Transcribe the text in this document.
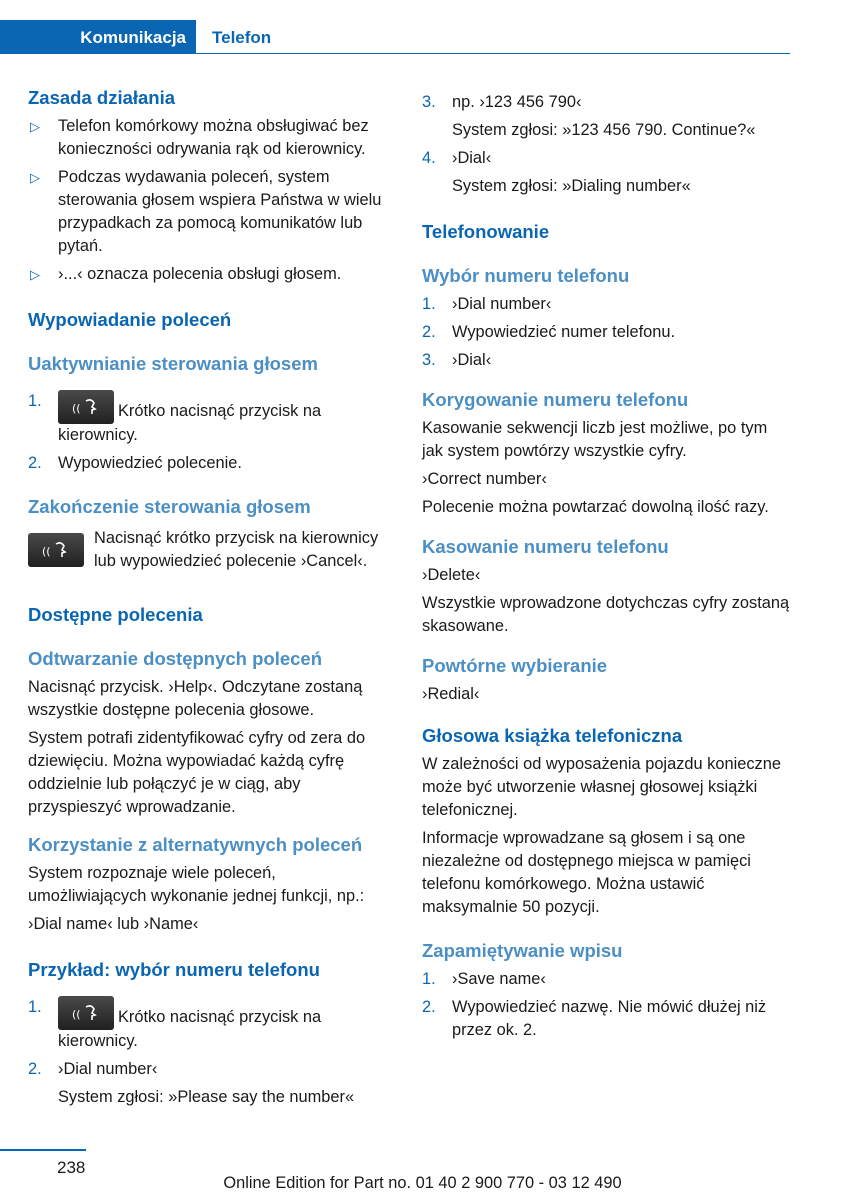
Komunikacja	Telefon
Zasada działania
▷ Telefon komórkowy można obsługiwać bez konieczności odrywania rąk od kierownicy.
▷ Podczas wydawania poleceń, system sterowania głosem wspiera Państwa w wielu przypadkach za pomocą komunikatów lub pytań.
▷ ›...‹ oznacza polecenia obsługi głosem.
Wypowiadanie poleceń
Uaktywnianie sterowania głosem
1.	(( Krótko nacisnąć przycisk na kierownicy.
2. Wypowiedzieć polecenie.
Zakończenie sterowania głosem
((
Nacisnąć krótko przycisk na kierownicy lub wypowiedzieć polecenie ›Cancel‹.
Dostępne polecenia
Odtwarzanie dostępnych poleceń
Nacisnąć przycisk. ›Help‹. Odczytane zostaną wszystkie dostępne polecenia głosowe.
System potrafi zidentyfikować cyfry od zera do dziewięciu. Można wypowiadać każdą cyfrę oddzielnie lub połączyć je w ciąg, aby przyspieszyć wprowadzanie.
Korzystanie z alternatywnych poleceń
System rozpoznaje wiele poleceń, umożliwiających wykonanie jednej funkcji, np.:
›Dial name‹ lub ›Name‹
Przykład: wybór numeru telefonu
1.	(( Krótko nacisnąć przycisk na kierownicy.
2. ›Dial number‹
System zgłosi: »Please say the number«
3. np. ›123 456 790‹
System zgłosi: »123 456 790. Continue?«
4. ›Dial‹
System zgłosi: »Dialing number«
Telefonowanie
Wybór numeru telefonu
1. ›Dial number‹
2. Wypowiedzieć numer telefonu.
3. ›Dial‹
Korygowanie numeru telefonu
Kasowanie sekwencji liczb jest możliwe, po tym jak system powtórzy wszystkie cyfry.
›Correct number‹
Polecenie można powtarzać dowolną ilość razy.
Kasowanie numeru telefonu
›Delete‹
Wszystkie wprowadzone dotychczas cyfry zostaną skasowane.
Powtórne wybieranie
›Redial‹
Głosowa książka telefoniczna
W zależności od wyposażenia pojazdu konieczne może być utworzenie własnej głosowej książki telefonicznej.
Informacje wprowadzane są głosem i są one niezależne od dostępnego miejsca w pamięci telefonu komórkowego. Można ustawić maksymalnie 50 pozycji.
Zapamiętywanie wpisu
1. ›Save name‹
2. Wypowiedzieć nazwę. Nie mówić dłużej niż przez ok. 2.
238
Online Edition for Part no. 01 40 2 900 770 - 03 12 490
